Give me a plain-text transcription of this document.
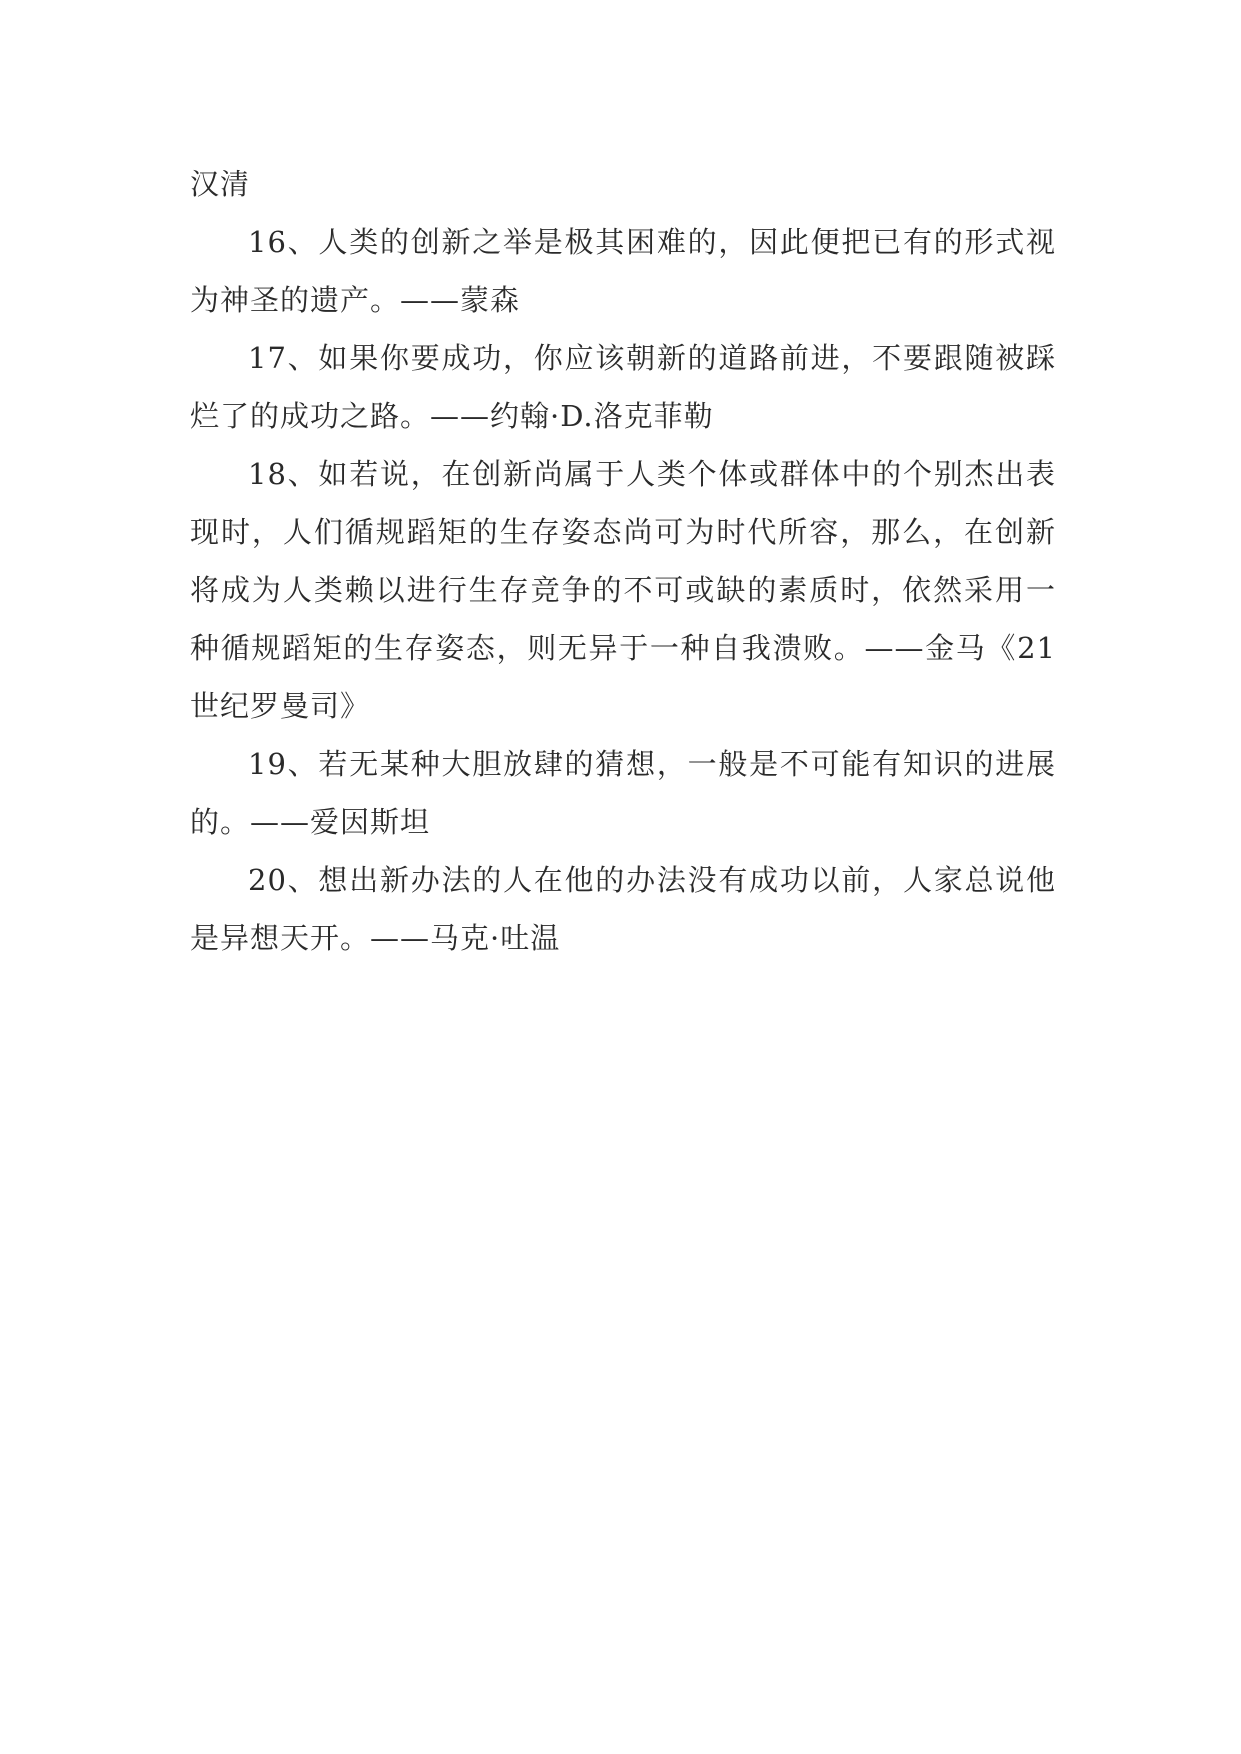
汉清

16、人类的创新之举是极其困难的，因此便把已有的形式视为神圣的遗产。——蒙森

17、如果你要成功，你应该朝新的道路前进，不要跟随被踩烂了的成功之路。——约翰·D.洛克菲勒

18、如若说，在创新尚属于人类个体或群体中的个别杰出表现时，人们循规蹈矩的生存姿态尚可为时代所容，那么，在创新将成为人类赖以进行生存竞争的不可或缺的素质时，依然采用一种循规蹈矩的生存姿态，则无异于一种自我溃败。——金马《21世纪罗曼司》

19、若无某种大胆放肆的猜想，一般是不可能有知识的进展的。——爱因斯坦

20、想出新办法的人在他的办法没有成功以前，人家总说他是异想天开。——马克·吐温
